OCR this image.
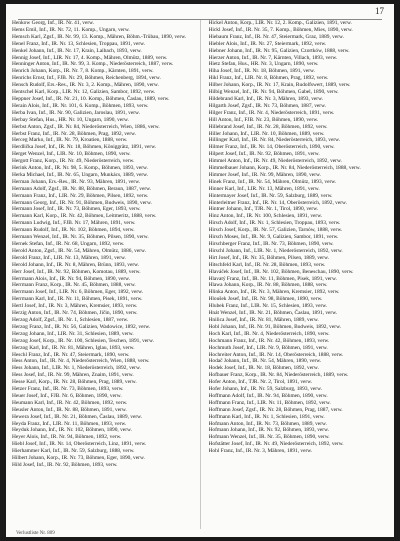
17

Henkow Georg, Inf., IR. Nr. 41, verw.

Hems Emil, Inf., IR. Nr. 72, 11. Komp., Ungarn, verw.

Hemsch Karl, Zgsf., IR. Nr. 99, 13. Komp., Mähren, Böhm.-Trübau, 1890, verw.

Henel Franz, Inf., IR. Nr. 13, Schlesien, Troppau, 1891, verw.

Henkel Johann, Inf., IR. Nr. 17, Krain, Laibach, 1893, verw.

Hennig Josef, Inf., LIR. Nr. 17, 4. Komp., Mähren, Olmütz, 1889, verw.

Henninger Anton, Inf., IR. Nr. 99, 3. Komp., Niederösterreich, 1887, verw.

Henrich Johann, Korp., IR. Nr. 7, 8. Komp., Kärnten, 1891, verw.

Henrichs Ernst, Inf., FJB. Nr. 29, Böhmen, Reichenberg, 1894, verw.

Hensch Rudolf, Ers.-Res., IR. Nr. 3, 2. Komp., Mähren, 1890, verw.

Hentschel Karl, Korp., LIR. Nr. 12, Galizien, Sambor, 1892, verw.

Heppner Josef, Inf., IR. Nr. 21, 10. Komp., Böhmen, Časlau, 1889, verw.

Herain Alois, Inf., IR. Nr. 101, 6. Komp., Böhmen, 1893, verw.

Herba Ivan, Inf., IR. Nr. 90, Galizien, Jaroslau, 1891, verw.

Herbay Stefan, Hus., HR. Nr. 10, Ungarn, 1890, verw.

Herbst Anton, Zgsf., IR. Nr. 84, Niederösterreich, Wien, 1886, verw.

Herbst Franz, Inf., IR. Nr. 28, Böhmen, Prag, 1892, verw.

Herceg Marko, Inf., IR. Nr. 79, Kroatien, 1888, verw.

Herdlička Josef, Inf., IR. Nr. 18, Böhmen, Königgrätz, 1891, verw.

Herget Wenzel, Inf., LIR. Nr. 10, Böhmen, 1890, verw.

Hergott Franz, Korp., IR. Nr. 49, Niederösterreich, verw.

Herink Anton, Inf., IR. Nr. 98, 5. Komp., Böhmen, 1893, verw.

Herka Michael, Inf., IR. Nr. 65, Ungarn, Munkács, 1889, verw.

Herman Johann, Ers.-Res., IR. Nr. 93, Mähren, 1891, verw.

Hermann Adolf, Zgsf., IR. Nr. 88, Böhmen, Beraun, 1887, verw.

Hermann Franz, Inf., LIR. Nr. 29, Böhmen, Pilsen, 1892, verw.

Hermann Georg, Inf., IR. Nr. 91, Böhmen, Budweis, 1890, verw.

Hermann Josef, Inf., IR. Nr. 73, Böhmen, Eger, 1893, verw.

Hermann Karl, Korp., IR. Nr. 42, Böhmen, Leitmeritz, 1888, verw.

Hermann Ludwig, Inf., FJB. Nr. 17, Mähren, 1891, verw.

Hermann Rudolf, Inf., IR. Nr. 102, Böhmen, 1894, verw.

Hermann Wenzel, Inf., IR. Nr. 35, Böhmen, Pilsen, 1890, verw.

Hernek Stefan, Inf., IR. Nr. 68, Ungarn, 1892, verw.

Herold Anton, Zgsf., IR. Nr. 54, Mähren, Olmütz, 1886, verw.

Herold Franz, Inf., LIR. Nr. 13, Mähren, 1891, verw.

Herold Johann, Inf., IR. Nr. 8, Mähren, Brünn, 1893, verw.

Herr Josef, Inf., IR. Nr. 92, Böhmen, Komotau, 1889, verw.

Herrmann Alois, Inf., IR. Nr. 94, Böhmen, 1890, verw.

Herrmann Franz, Korp., IR. Nr. 45, Böhmen, 1888, verw.

Herrmann Josef, Inf., LIR. Nr. 6, Böhmen, Eger, 1892, verw.

Herrmann Karl, Inf., IR. Nr. 11, Böhmen, Pisek, 1891, verw.

Hertl Josef, Inf., IR. Nr. 3, Mähren, Kremsier, 1893, verw.

Herzig Anton, Inf., IR. Nr. 74, Böhmen, Jičin, 1890, verw.

Herzog Adolf, Zgsf., IR. Nr. 1, Schlesien, 1887, verw.

Herzog Franz, Inf., IR. Nr. 56, Galizien, Wadowice, 1892, verw.

Herzog Johann, Inf., LIR. Nr. 31, Schlesien, 1889, verw.

Herzog Josef, Korp., IR. Nr. 100, Schlesien, Teschen, 1891, verw.

Herzog Karl, Inf., IR. Nr. 81, Mähren, Iglau, 1893, verw.

Heschl Franz, Inf., IR. Nr. 47, Steiermark, 1890, verw.

Hess Anton, Inf., IR. Nr. 4, Niederösterreich, Wien, 1888, verw.

Hess Johann, Inf., LIR. Nr. 1, Niederösterreich, 1892, verw.

Hess Josef, Inf., IR. Nr. 99, Mähren, Znaim, 1891, verw.

Hesse Karl, Korp., IR. Nr. 28, Böhmen, Prag, 1889, verw.

Hetzer Franz, Inf., IR. Nr. 73, Böhmen, 1893, verw.

Heuer Josef, Inf., FJB. Nr. 6, Böhmen, 1890, verw.

Heumann Karl, Inf., IR. Nr. 42, Böhmen, 1892, verw.

Heusler Anton, Inf., IR. Nr. 88, Böhmen, 1891, verw.

Hewera Josef, Inf., IR. Nr. 21, Böhmen, Časlau, 1889, verw.

Heyda Franz, Inf., LIR. Nr. 11, Böhmen, 1893, verw.

Heyduk Johann, Inf., IR. Nr. 102, Böhmen, 1890, verw.

Heyer Alois, Inf., IR. Nr. 94, Böhmen, 1892, verw.

Hiebl Josef, Inf., IR. Nr. 14, Oberösterreich, Linz, 1891, verw.

Hierhammer Karl, Inf., IR. Nr. 59, Salzburg, 1888, verw.

Hilbert Johann, Korp., IR. Nr. 73, Böhmen, Eger, 1890, verw.

Hild Josef, Inf., IR. Nr. 92, Böhmen, 1893, verw.

Hickel Anton, Korp., LIR. Nr. 12, 2. Komp., Galizien, 1891, verw.

Hickl Josef, Inf., IR. Nr. 35, 7. Komp., Böhmen, Mies, 1890, verw.

Hiebaum Franz, Inf., IR. Nr. 47, Steiermark, Graz, 1889, verw.

Hiebler Alois, Inf., IR. Nr. 27, Steiermark, 1892, verw.

Hiebner Johann, Inf., IR. Nr. 95, Galizien, Czortków, 1888, verw.

Hierzer Anton, Inf., IR. Nr. 7, Kärnten, Villach, 1893, verw.

Hietz Stefan, Hus., HR. Nr. 3, Ungarn, 1890, verw.

Hiha Josef, Inf., IR. Nr. 18, Böhmen, 1891, verw.

Hikl Franz, Inf., LIR. Nr. 8, Böhmen, Prag, 1892, verw.

Hilber Johann, Korp., IR. Nr. 17, Krain, Rudolfswert, 1889, verw.

Hilbig Wenzel, Inf., IR. Nr. 94, Böhmen, Gabel, 1890, verw.

Hildebrand Karl, Inf., IR. Nr. 3, Mähren, 1893, verw.

Hilgarth Josef, Zgsf., IR. Nr. 73, Böhmen, 1887, verw.

Hilger Franz, Inf., IR. Nr. 4, Niederösterreich, 1891, verw.

Hill Anton, Inf., FJB. Nr. 23, Böhmen, 1890, verw.

Hillebrand Josef, Inf., IR. Nr. 28, Böhmen, 1892, verw.

Hiller Johann, Inf., LIR. Nr. 10, Böhmen, 1889, verw.

Hillinger Karl, Inf., IR. Nr. 84, Niederösterreich, 1893, verw.

Hilmer Franz, Inf., IR. Nr. 14, Oberösterreich, 1890, verw.

Hilpert Josef, Inf., IR. Nr. 92, Böhmen, 1891, verw.

Himmel Anton, Inf., IR. Nr. 49, Niederösterreich, 1892, verw.

Himmelbauer Johann, Korp., IR. Nr. 84, Niederösterreich, 1888, verw.

Himmer Josef, Inf., IR. Nr. 99, Mähren, 1890, verw.

Hinek Franz, Inf., IR. Nr. 54, Mähren, Olmütz, 1893, verw.

Hinner Karl, Inf., LIR. Nr. 13, Mähren, 1891, verw.

Hintermayer Josef, Inf., IR. Nr. 59, Salzburg, 1889, verw.

Hinterleitner Franz, Inf., IR. Nr. 14, Oberösterreich, 1892, verw.

Hintner Johann, Inf., TJR. Nr. 1, Tirol, 1890, verw.

Hinz Anton, Inf., IR. Nr. 100, Schlesien, 1891, verw.

Hirsch Adolf, Inf., IR. Nr. 1, Schlesien, Troppau, 1893, verw.

Hirsch Josef, Korp., IR. Nr. 57, Galizien, Tarnów, 1888, verw.

Hirsch Moses, Inf., IR. Nr. 9, Galizien, Sambor, 1891, verw.

Hirschberger Franz, Inf., IR. Nr. 73, Böhmen, 1890, verw.

Hirschl Johann, Inf., LIR. Nr. 1, Niederösterreich, 1892, verw.

Hirt Josef, Inf., IR. Nr. 35, Böhmen, Pilsen, 1889, verw.

Hitschfeld Karl, Inf., IR. Nr. 28, Böhmen, 1893, verw.

Hlaváček Josef, Inf., IR. Nr. 102, Böhmen, Beneschau, 1890, verw.

Hlavatý Franz, Inf., IR. Nr. 11, Böhmen, Pisek, 1891, verw.

Hlawa Johann, Korp., IR. Nr. 88, Böhmen, 1888, verw.

Hlinka Anton, Inf., IR. Nr. 3, Mähren, Kremsier, 1892, verw.

Hloušek Josef, Inf., IR. Nr. 98, Böhmen, 1890, verw.

Hlubek Franz, Inf., LIR. Nr. 15, Schlesien, 1893, verw.

Hnát Wenzel, Inf., IR. Nr. 21, Böhmen, Časlau, 1891, verw.

Hnilica Josef, Inf., IR. Nr. 81, Mähren, 1889, verw.

Hobl Johann, Inf., IR. Nr. 91, Böhmen, Budweis, 1892, verw.

Hoch Karl, Inf., IR. Nr. 4, Niederösterreich, 1890, verw.

Hochmann Franz, Inf., IR. Nr. 42, Böhmen, 1893, verw.

Hochmuth Josef, Inf., LIR. Nr. 9, Böhmen, 1891, verw.

Hochreiter Anton, Inf., IR. Nr. 14, Oberösterreich, 1888, verw.

Hodač Johann, Inf., IR. Nr. 54, Mähren, 1890, verw.

Hodek Josef, Inf., IR. Nr. 18, Böhmen, 1892, verw.

Hofbauer Franz, Korp., IR. Nr. 84, Niederösterreich, 1889, verw.

Hofer Anton, Inf., TJR. Nr. 2, Tirol, 1891, verw.

Hofer Johann, Inf., IR. Nr. 59, Salzburg, 1893, verw.

Hoffmann Adolf, Inf., IR. Nr. 94, Böhmen, 1890, verw.

Hoffmann Franz, Inf., LIR. Nr. 11, Böhmen, 1892, verw.

Hoffmann Josef, Zgsf., IR. Nr. 28, Böhmen, Prag, 1887, verw.

Hoffmann Karl, Inf., IR. Nr. 1, Schlesien, 1891, verw.

Hofmann Anton, Inf., IR. Nr. 73, Böhmen, 1889, verw.

Hofmann Johann, Inf., IR. Nr. 92, Böhmen, 1893, verw.

Hofmann Wenzel, Inf., IR. Nr. 35, Böhmen, 1890, verw.

Hofstätter Josef, Inf., IR. Nr. 49, Niederösterreich, 1892, verw.

Hohl Franz, Inf., IR. Nr. 3, Mähren, 1891, verw.

Verlustliste Nr. 809
